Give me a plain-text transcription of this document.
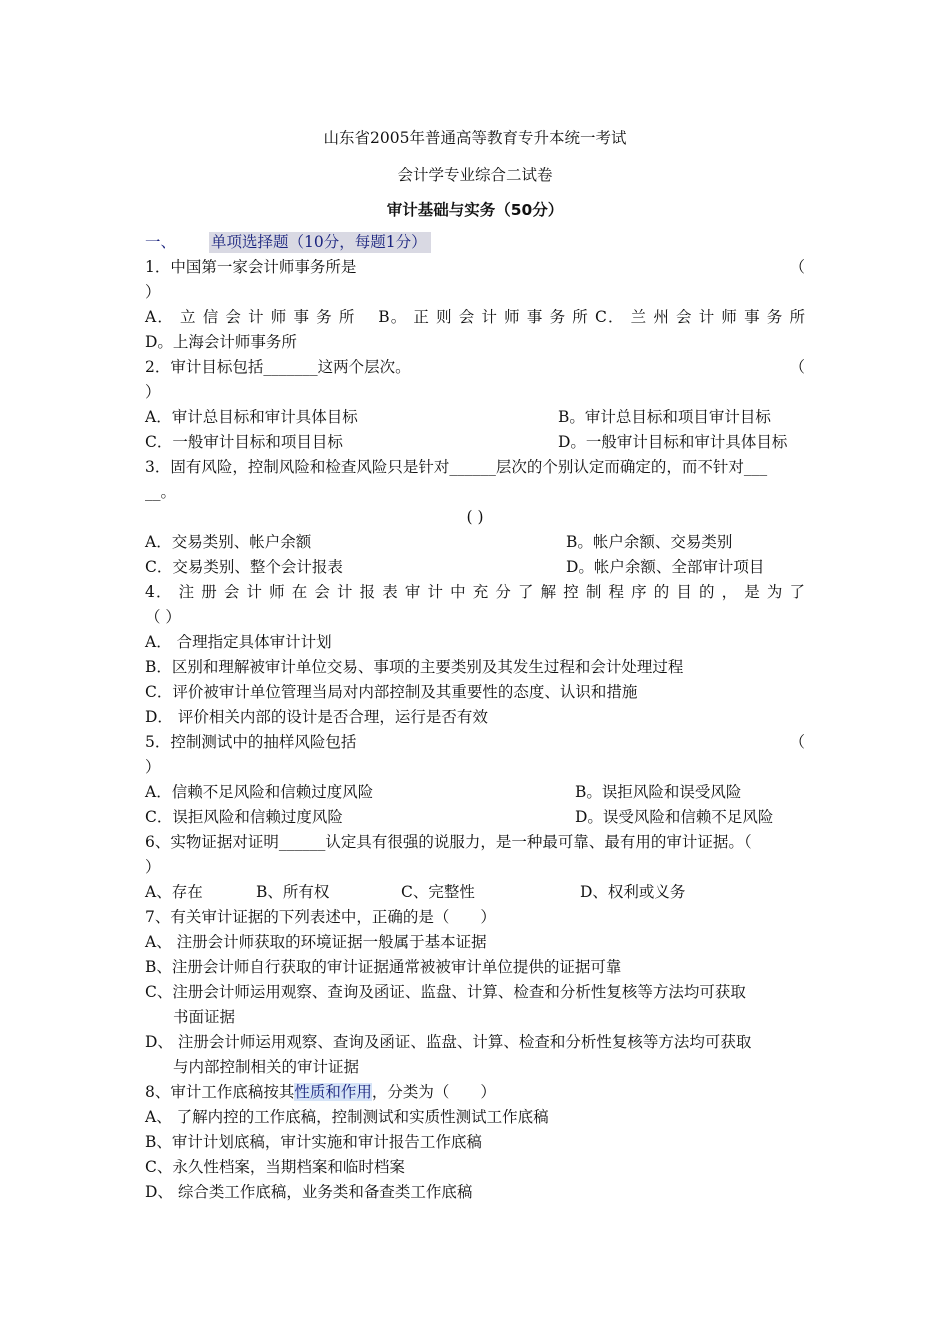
山东省2005年普通高等教育专升本统一考试
会计学专业综合二试卷
审计基础与实务（50分）
一、 单项选择题（10分，每题1分）
1．中国第一家会计师事务所是	（
）
A． 立 信 会 计 师 事 务 所　 B。 正 则 会 计 师 事 务 所 C． 兰 州 会 计 师 事 务 所
D。上海会计师事务所
2．审计目标包括_______这两个层次。	（
）
A．审计总目标和审计具体目标	B。审计总目标和项目审计目标
C．一般审计目标和项目目标	D。一般审计目标和审计具体目标
3．固有风险，控制风险和检查风险只是针对______层次的个别认定而确定的，而不针对___
__。
( )
A．交易类别、帐户余额	B。帐户余额、交易类别
C．交易类别、整个会计报表	D。帐户余额、全部审计项目
4． 注 册 会 计 师 在 会 计 报 表 审 计 中 充 分 了 解 控 制 程 序 的 目 的 ， 是 为 了
（ ）
A． 合理指定具体审计计划
B．区别和理解被审计单位交易、事项的主要类别及其发生过程和会计处理过程
C．评价被审计单位管理当局对内部控制及其重要性的态度、认识和措施
D． 评价相关内部的设计是否合理，运行是否有效
5．控制测试中的抽样风险包括	（
）
A．信赖不足风险和信赖过度风险	B。误拒风险和误受风险
C．误拒风险和信赖过度风险	D。误受风险和信赖不足风险
6、实物证据对证明______认定具有很强的说服力，是一种最可靠、最有用的审计证据。（
）
A、存在	B、所有权	C、完整性	D、权利或义务
7、有关审计证据的下列表述中，正确的是（　　）
A、 注册会计师获取的环境证据一般属于基本证据
B、注册会计师自行获取的审计证据通常被被审计单位提供的证据可靠
C、注册会计师运用观察、查询及函证、监盘、计算、检查和分析性复核等方法均可获取
书面证据
D、 注册会计师运用观察、查询及函证、监盘、计算、检查和分析性复核等方法均可获取
与内部控制相关的审计证据
8、审计工作底稿按其性质和作用，分类为（　　）
A、 了解内控的工作底稿，控制测试和实质性测试工作底稿
B、审计计划底稿，审计实施和审计报告工作底稿
C、永久性档案，当期档案和临时档案
D、 综合类工作底稿，业务类和备查类工作底稿
